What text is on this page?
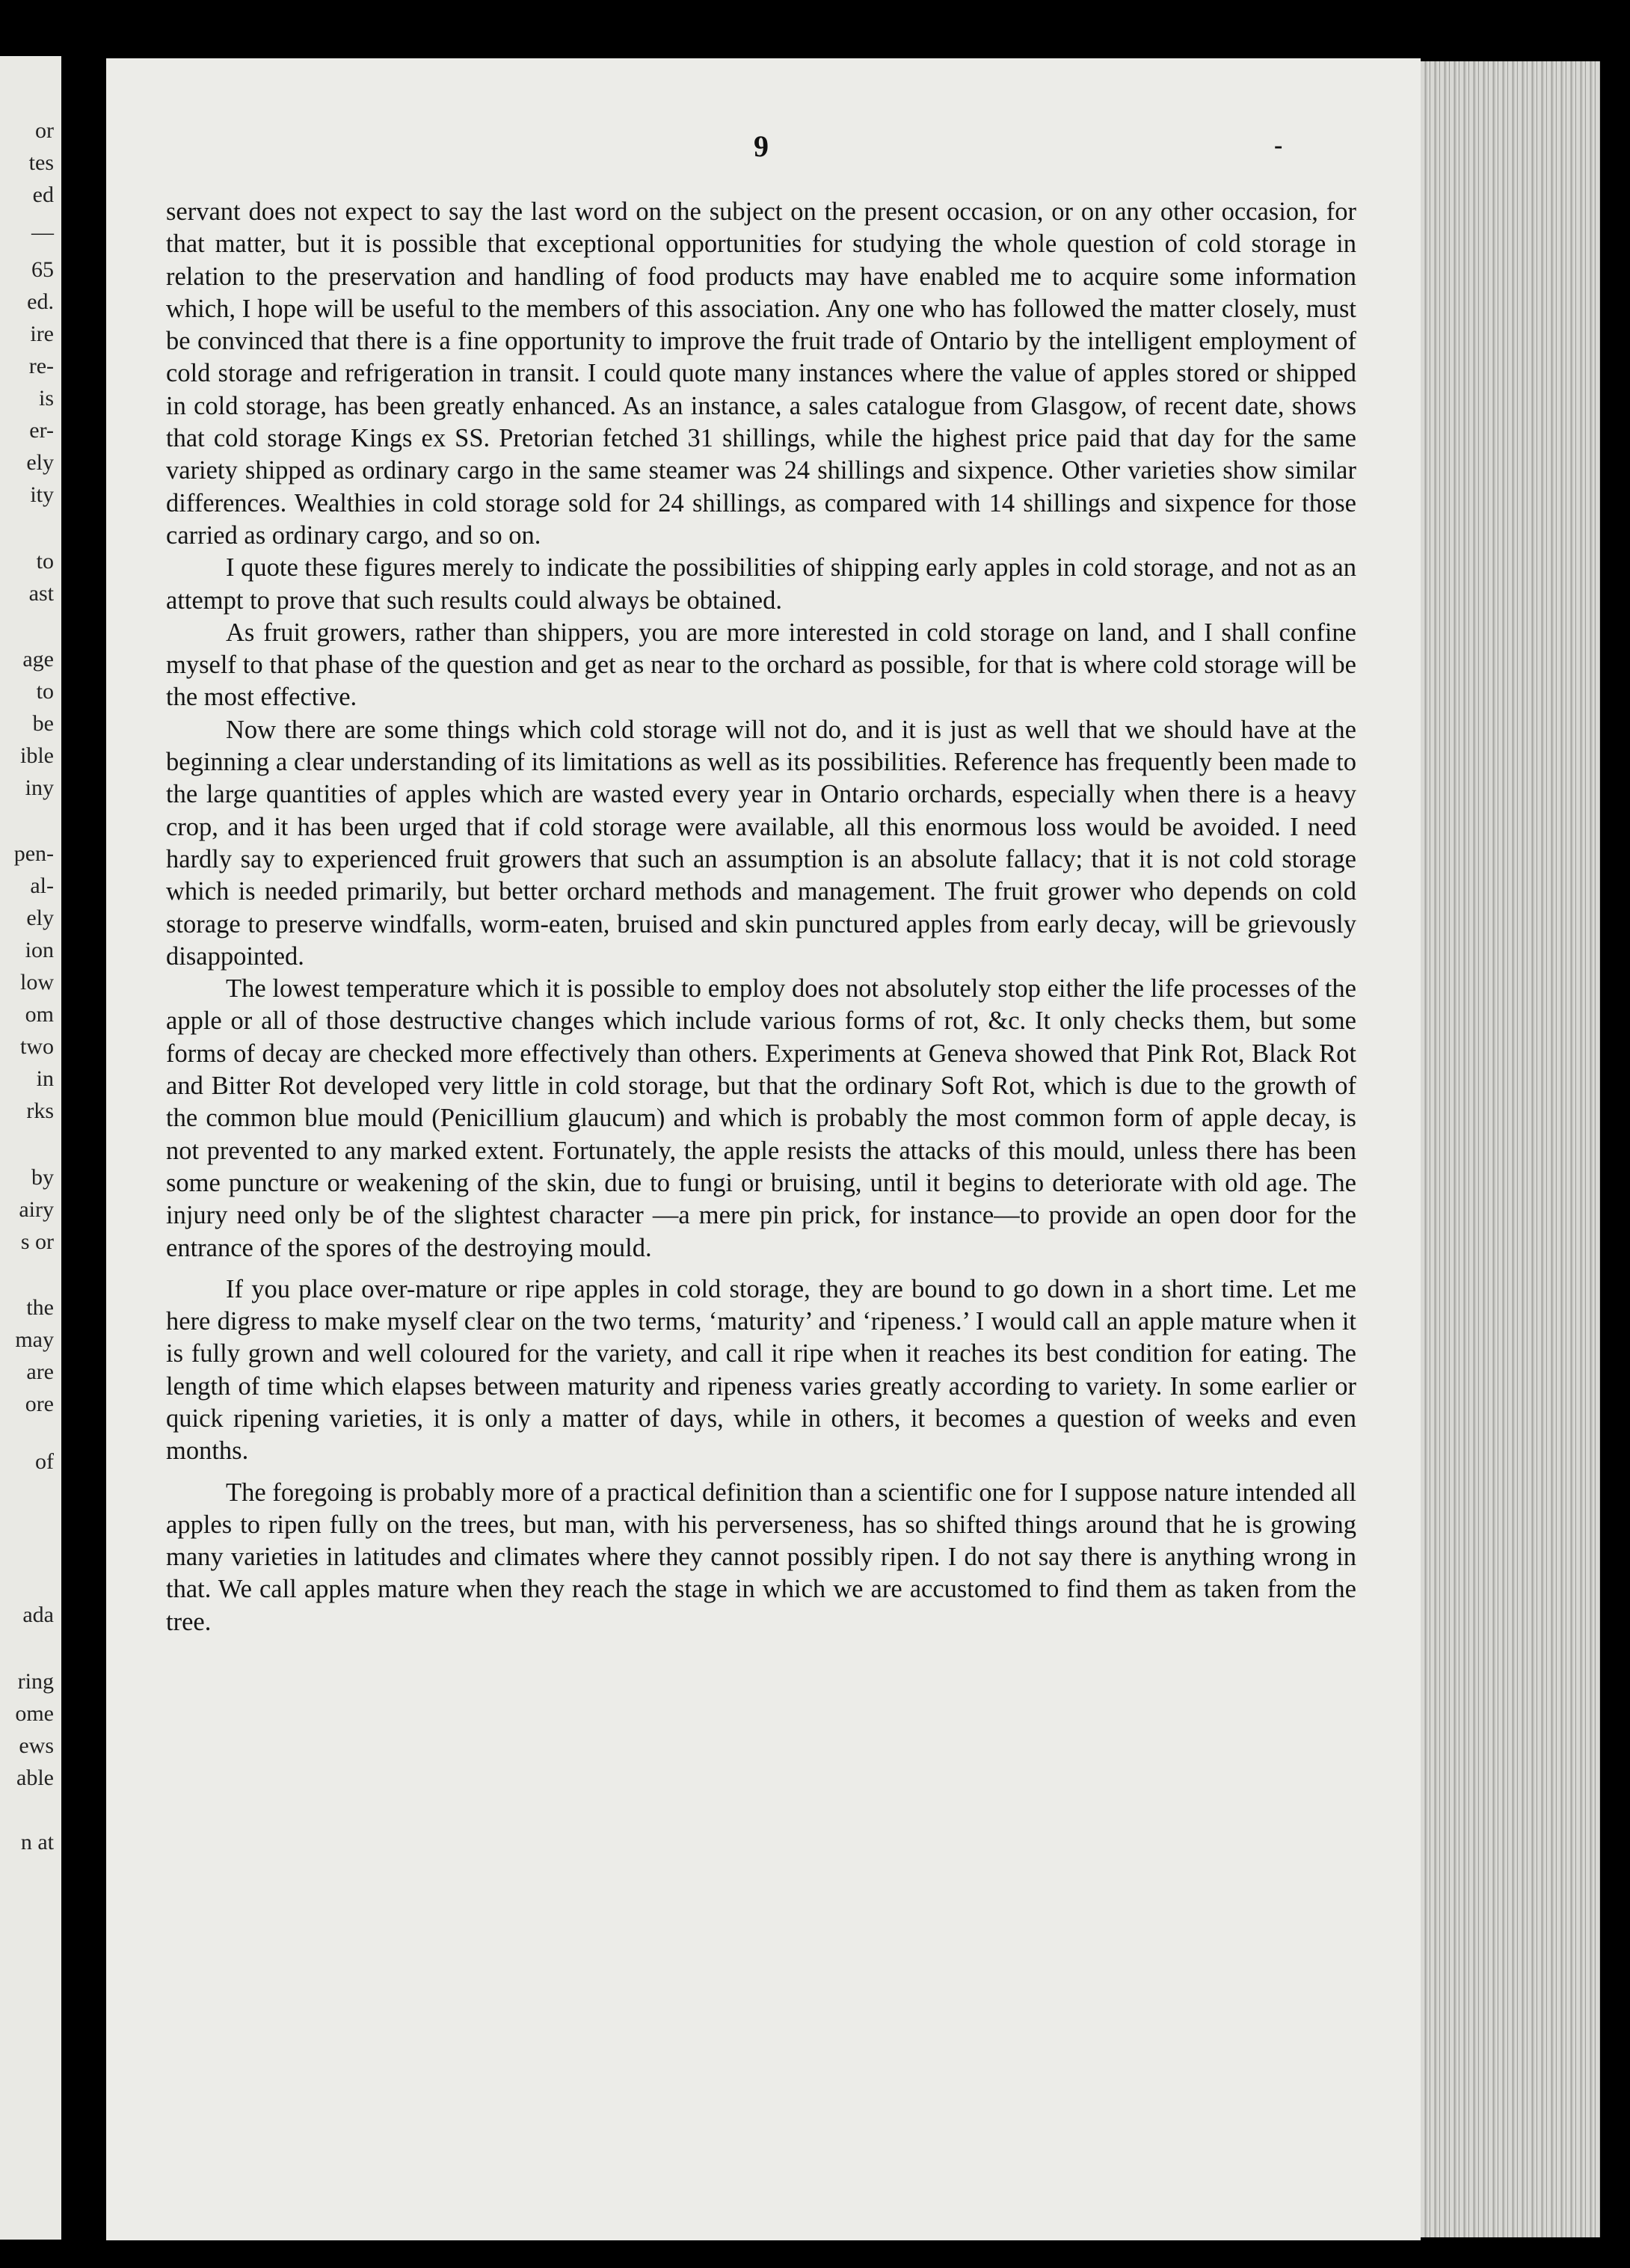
or
tes
ed
—
65
ed.
ire
re-
is
er-
ely
ity
to
ast
age
to
be
ible
iny
pen-
al-
ely
ion
low
om
two
in
rks
by
airy
s or
the
may
are
ore
of
ada
ring
ome
ews
able
n at
9	-

servant does not expect to say the last word on the subject on the present occasion, or on any other occasion, for that matter, but it is possible that exceptional opportunities for studying the whole question of cold storage in relation to the preservation and handling of food products may have enabled me to acquire some information which, I hope will be useful to the members of this association. Any one who has followed the matter closely, must be convinced that there is a fine opportunity to improve the fruit trade of Ontario by the intelligent employment of cold storage and refrigeration in transit. I could quote many instances where the value of apples stored or shipped in cold storage, has been greatly enhanced. As an instance, a sales catalogue from Glasgow, of recent date, shows that cold storage Kings ex SS. Pretorian fetched 31 shillings, while the highest price paid that day for the same variety shipped as ordinary cargo in the same steamer was 24 shillings and sixpence. Other varieties show similar differences. Wealthies in cold storage sold for 24 shillings, as compared with 14 shillings and sixpence for those carried as ordinary cargo, and so on.

I quote these figures merely to indicate the possibilities of shipping early apples in cold storage, and not as an attempt to prove that such results could always be obtained.

As fruit growers, rather than shippers, you are more interested in cold storage on land, and I shall confine myself to that phase of the question and get as near to the orchard as possible, for that is where cold storage will be the most effective.

Now there are some things which cold storage will not do, and it is just as well that we should have at the beginning a clear understanding of its limitations as well as its possibilities. Reference has frequently been made to the large quantities of apples which are wasted every year in Ontario orchards, especially when there is a heavy crop, and it has been urged that if cold storage were available, all this enormous loss would be avoided. I need hardly say to experienced fruit growers that such an assumption is an absolute fallacy; that it is not cold storage which is needed primarily, but better orchard methods and management. The fruit grower who depends on cold storage to preserve windfalls, worm-eaten, bruised and skin punctured apples from early decay, will be grievously disappointed.

The lowest temperature which it is possible to employ does not absolutely stop either the life processes of the apple or all of those destructive changes which include various forms of rot, &c. It only checks them, but some forms of decay are checked more effectively than others. Experiments at Geneva showed that Pink Rot, Black Rot and Bitter Rot developed very little in cold storage, but that the ordinary Soft Rot, which is due to the growth of the common blue mould (Penicillium glaucum) and which is probably the most common form of apple decay, is not prevented to any marked extent. Fortunately, the apple resists the attacks of this mould, unless there has been some puncture or weakening of the skin, due to fungi or bruising, until it begins to deteriorate with old age. The injury need only be of the slightest character —a mere pin prick, for instance—to provide an open door for the entrance of the spores of the destroying mould.

If you place over-mature or ripe apples in cold storage, they are bound to go down in a short time. Let me here digress to make myself clear on the two terms, ‘maturity’ and ‘ripeness.’ I would call an apple mature when it is fully grown and well coloured for the variety, and call it ripe when it reaches its best condition for eating. The length of time which elapses between maturity and ripeness varies greatly according to variety. In some earlier or quick ripening varieties, it is only a matter of days, while in others, it becomes a question of weeks and even months.

The foregoing is probably more of a practical definition than a scientific one for I suppose nature intended all apples to ripen fully on the trees, but man, with his perverseness, has so shifted things around that he is growing many varieties in latitudes and climates where they cannot possibly ripen. I do not say there is anything wrong in that. We call apples mature when they reach the stage in which we are accustomed to find them as taken from the tree.
